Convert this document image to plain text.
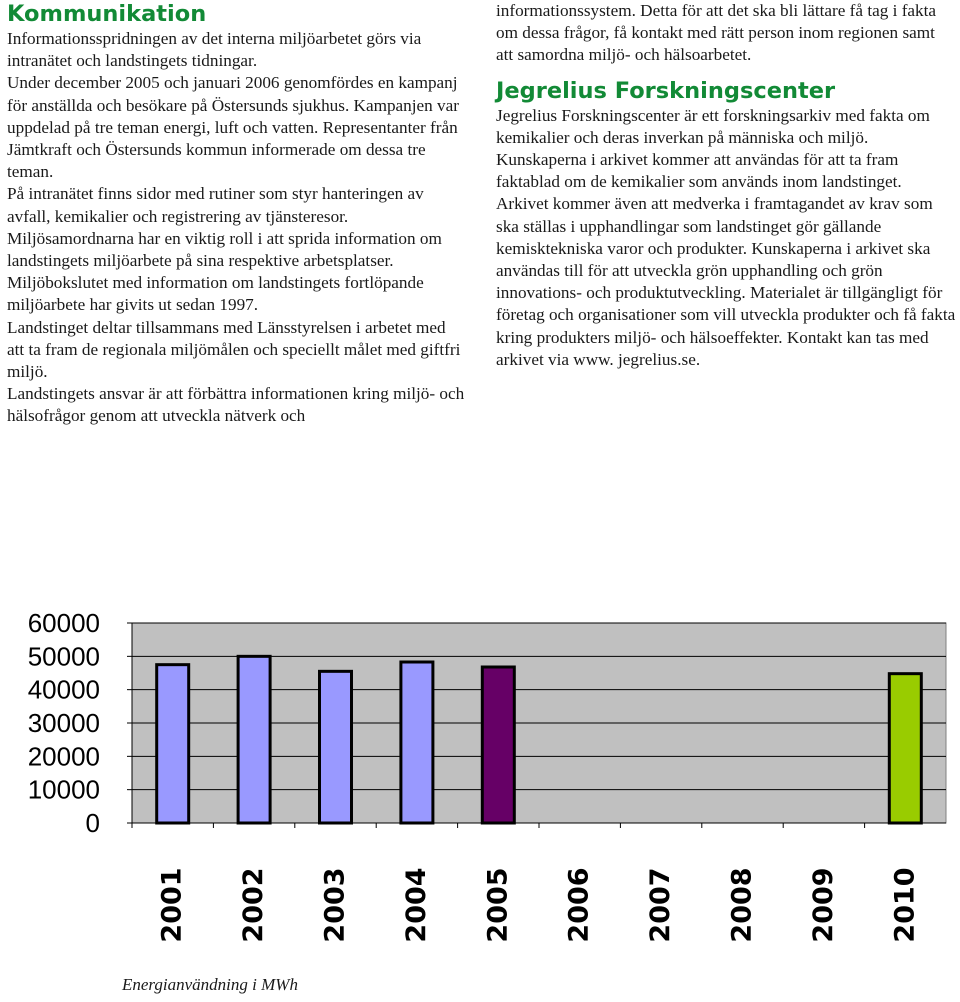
Kommunikation

Informationsspridningen av det interna miljöarbetet görs via intranätet och landstingets tidningar.

Under december 2005 och januari 2006 genomfördes en kampanj för anställda och besökare på Östersunds sjukhus. Kampanjen var uppdelad på tre teman energi, luft och vatten. Representanter från Jämtkraft och Östersunds kommun informerade om dessa tre teman.

På intranätet finns sidor med rutiner som styr hanteringen av avfall, kemikalier och registrering av tjänsteresor.

Miljösamordnarna har en viktig roll i att sprida information om landstingets miljöarbete på sina respektive arbetsplatser. Miljöbokslutet med information om landstingets fortlöpande miljöarbete har givits ut sedan 1997.

Landstinget deltar tillsammans med Länsstyrelsen i arbetet med att ta fram de regionala miljömålen och speciellt målet med giftfri miljö.

Landstingets ansvar är att förbättra informationen kring miljö- och hälsofrågor genom att utveckla nätverk och

informationssystem. Detta för att det ska bli lättare få tag i fakta om dessa frågor, få kontakt med rätt person inom regionen samt att samordna miljö- och hälsoarbetet.

Jegrelius Forskningscenter

Jegrelius Forskningscenter är ett forskningsarkiv med fakta om kemikalier och deras inverkan på människa och miljö.

Kunskaperna i arkivet kommer att användas för att ta fram faktablad om de kemikalier som används inom landstinget.

Arkivet kommer även att medverka i framtagandet av krav som ska ställas i upphandlingar som landstinget gör gällande kemisktekniska varor och produkter. Kunskaperna i arkivet ska användas till för att utveckla grön upphandling och grön innovations- och produktutveckling. Materialet är tillgängligt för företag och organisationer som vill utveckla produkter och få fakta kring produkters miljö- och hälsoeffekter. Kontakt kan tas med arkivet via www. jegrelius.se.

0
10000
20000
30000
40000
50000
60000
2001 2002 2003 2004 2005 2006 2007 2008 2009 2010
Energianvändning i MWh
